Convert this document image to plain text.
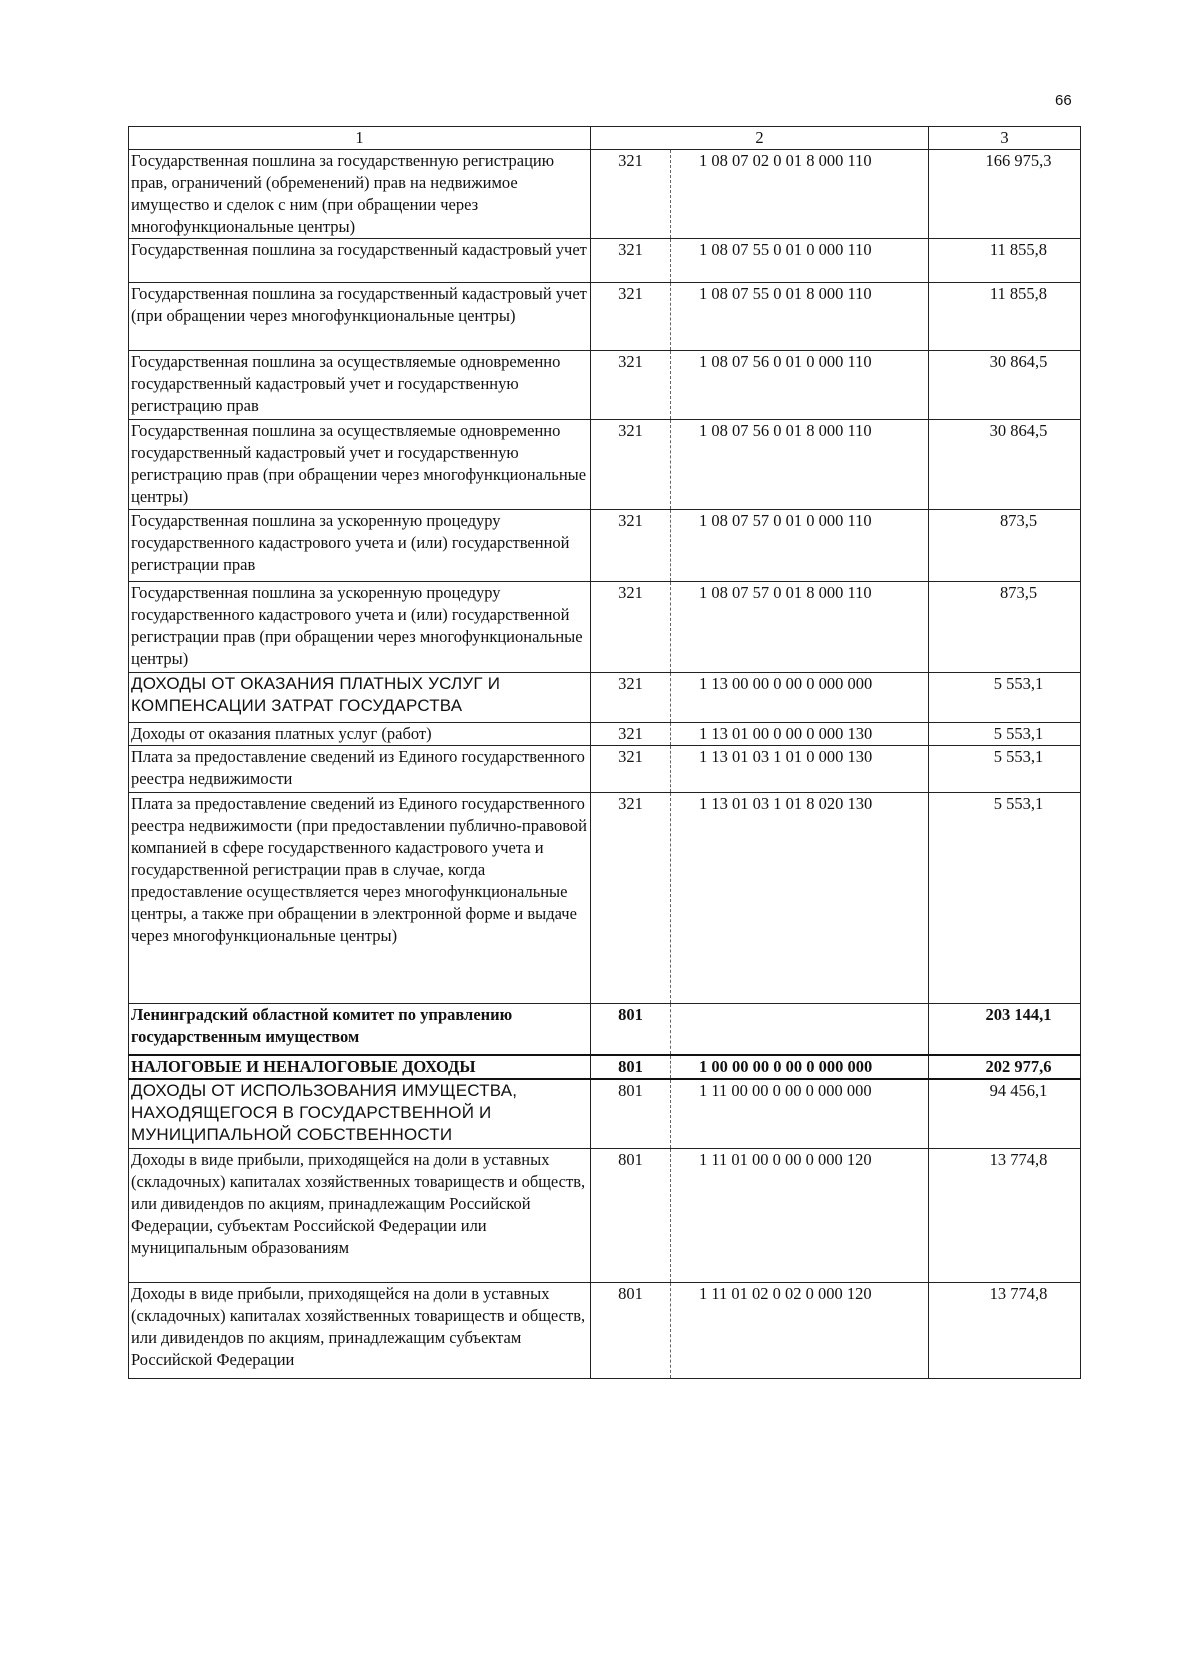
66
1	2		3
Государственная пошлина за государственную регистрацию прав, ограничений (обременений) прав на недвижимое имущество и сделок с ним (при обращении через многофункциональные центры)	321	1 08 07 02 0 01 8 000 110	166 975,3
Государственная пошлина за государственный кадастровый учет	321	1 08 07 55 0 01 0 000 110	11 855,8
Государственная пошлина за государственный кадастровый учет (при обращении через многофункциональные центры)	321	1 08 07 55 0 01 8 000 110	11 855,8
Государственная пошлина за осуществляемые одновременно государственный кадастровый учет и государственную регистрацию прав	321	1 08 07 56 0 01 0 000 110	30 864,5
Государственная пошлина за осуществляемые одновременно государственный кадастровый учет и государственную регистрацию прав (при обращении через многофункциональные центры)	321	1 08 07 56 0 01 8 000 110	30 864,5
Государственная пошлина за ускоренную процедуру государственного кадастрового учета и (или) государственной регистрации прав	321	1 08 07 57 0 01 0 000 110	873,5
Государственная пошлина за ускоренную процедуру государственного кадастрового учета и (или) государственной регистрации прав (при обращении через многофункциональные центры)	321	1 08 07 57 0 01 8 000 110	873,5
ДОХОДЫ ОТ ОКАЗАНИЯ ПЛАТНЫХ УСЛУГ И КОМПЕНСАЦИИ ЗАТРАТ ГОСУДАРСТВА	321	1 13 00 00 0 00 0 000 000	5 553,1
Доходы от оказания платных услуг (работ)	321	1 13 01 00 0 00 0 000 130	5 553,1
Плата за предоставление сведений из Единого государственного реестра недвижимости	321	1 13 01 03 1 01 0 000 130	5 553,1
Плата за предоставление сведений из Единого государственного реестра недвижимости (при предоставлении публично-правовой компанией в сфере государственного кадастрового учета и государственной регистрации прав в случае, когда предоставление осуществляется через многофункциональные центры, а также при обращении в электронной форме и выдаче через многофункциональные центры)	321	1 13 01 03 1 01 8 020 130	5 553,1
Ленинградский областной комитет по управлению государственным имуществом	801		203 144,1
НАЛОГОВЫЕ И НЕНАЛОГОВЫЕ ДОХОДЫ	801	1 00 00 00 0 00 0 000 000	202 977,6
ДОХОДЫ ОТ ИСПОЛЬЗОВАНИЯ ИМУЩЕСТВА, НАХОДЯЩЕГОСЯ В ГОСУДАРСТВЕННОЙ И МУНИЦИПАЛЬНОЙ СОБСТВЕННОСТИ	801	1 11 00 00 0 00 0 000 000	94 456,1
Доходы в виде прибыли, приходящейся на доли в уставных (складочных) капиталах хозяйственных товариществ и обществ, или дивидендов по акциям, принадлежащим Российской Федерации, субъектам Российской Федерации или муниципальным образованиям	801	1 11 01 00 0 00 0 000 120	13 774,8
Доходы в виде прибыли, приходящейся на доли в уставных (складочных) капиталах хозяйственных товариществ и обществ, или дивидендов по акциям, принадлежащим субъектам Российской Федерации	801	1 11 01 02 0 02 0 000 120	13 774,8
